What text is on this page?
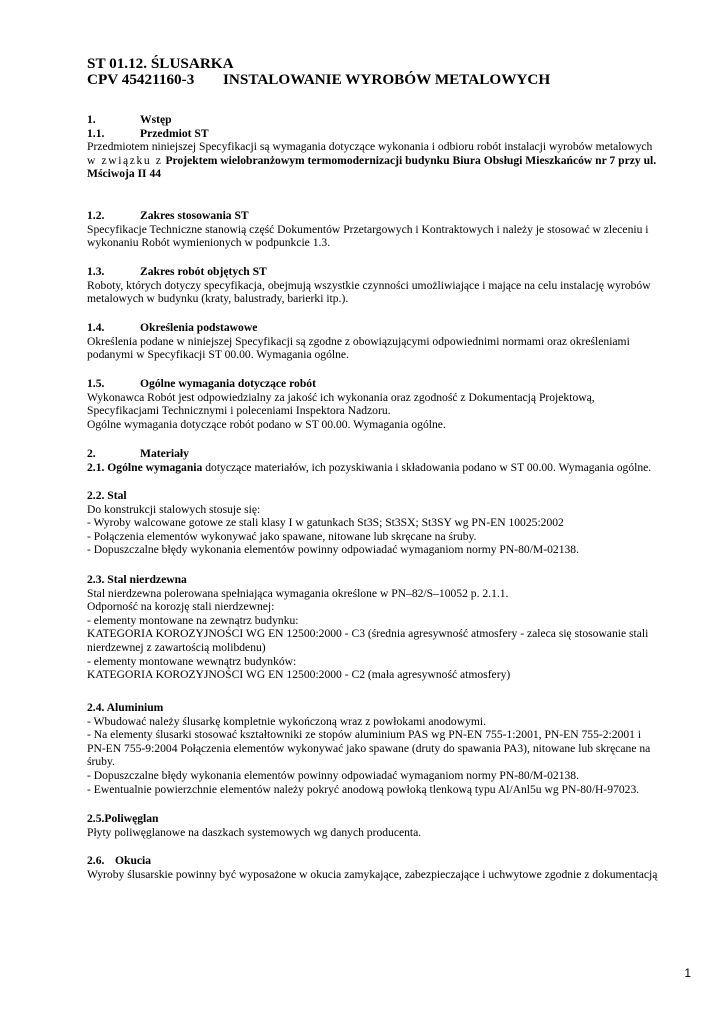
ST 01.12. ŚLUSARKA
CPV 45421160-3 INSTALOWANIE WYROBÓW METALOWYCH
1.	Wstęp
1.1.	Przedmiot ST
Przedmiotem niniejszej Specyfikacji są wymagania dotyczące wykonania i odbioru robót instalacji wyrobów metalowych
w związku z Projektem wielobranżowym termomodernizacji budynku Biura Obsługi Mieszkańców nr 7 przy ul.
Mściwoja II 44
1.2.	Zakres stosowania ST
Specyfikacje Techniczne stanowią część Dokumentów Przetargowych i Kontraktowych i należy je stosować w zleceniu i
wykonaniu Robót wymienionych w podpunkcie 1.3.
1.3.	Zakres robót objętych ST
Roboty, których dotyczy specyfikacja, obejmują wszystkie czynności umożliwiające i mające na celu instalację wyrobów
metalowych w budynku (kraty, balustrady, barierki itp.).
1.4.	Określenia podstawowe
Określenia podane w niniejszej Specyfikacji są zgodne z obowiązującymi odpowiednimi normami oraz określeniami
podanymi w Specyfikacji ST 00.00. Wymagania ogólne.
1.5.	Ogólne wymagania dotyczące robót
Wykonawca Robót jest odpowiedzialny za jakość ich wykonania oraz zgodność z Dokumentacją Projektową,
Specyfikacjami Technicznymi i poleceniami Inspektora Nadzoru.
Ogólne wymagania dotyczące robót podano w ST 00.00. Wymagania ogólne.
2.	Materiały
2.1. Ogólne wymagania dotyczące materiałów, ich pozyskiwania i składowania podano w ST 00.00. Wymagania ogólne.
2.2. Stal
Do konstrukcji stalowych stosuje się:
- Wyroby walcowane gotowe ze stali klasy I w gatunkach St3S; St3SX; St3SY wg PN-EN 10025:2002
- Połączenia elementów wykonywać jako spawane, nitowane lub skręcane na śruby.
- Dopuszczalne błędy wykonania elementów powinny odpowiadać wymaganiom normy PN-80/M-02138.
2.3. Stal nierdzewna
Stal nierdzewna polerowana spełniająca wymagania określone w PN–82/S–10052 p. 2.1.1.
Odporność na korozję stali nierdzewnej:
- elementy montowane na zewnątrz budynku:
KATEGORIA KOROZYJNOŚCI WG EN 12500:2000 - C3 (średnia agresywność atmosfery - zaleca się stosowanie stali
nierdzewnej z zawartością molibdenu)
- elementy montowane wewnątrz budynków:
KATEGORIA KOROZYJNOŚCI WG EN 12500:2000 - C2 (mała agresywność atmosfery)
2.4. Aluminium
- Wbudować należy ślusarkę kompletnie wykończoną wraz z powłokami anodowymi.
- Na elementy ślusarki stosować kształtowniki ze stopów aluminium PAS wg PN-EN 755-1:2001, PN-EN 755-2:2001 i
PN-EN 755-9:2004 Połączenia elementów wykonywać jako spawane (druty do spawania PA3), nitowane lub skręcane na
śruby.
- Dopuszczalne błędy wykonania elementów powinny odpowiadać wymaganiom normy PN-80/M-02138.
- Ewentualnie powierzchnie elementów należy pokryć anodową powłoką tlenkową typu Al/Anl5u wg PN-80/H-97023.
2.5.Poliwęglan
Płyty poliwęglanowe na daszkach systemowych wg danych producenta.
2.6. Okucia
Wyroby ślusarskie powinny być wyposażone w okucia zamykające, zabezpieczające i uchwytowe zgodnie z dokumentacją
1
